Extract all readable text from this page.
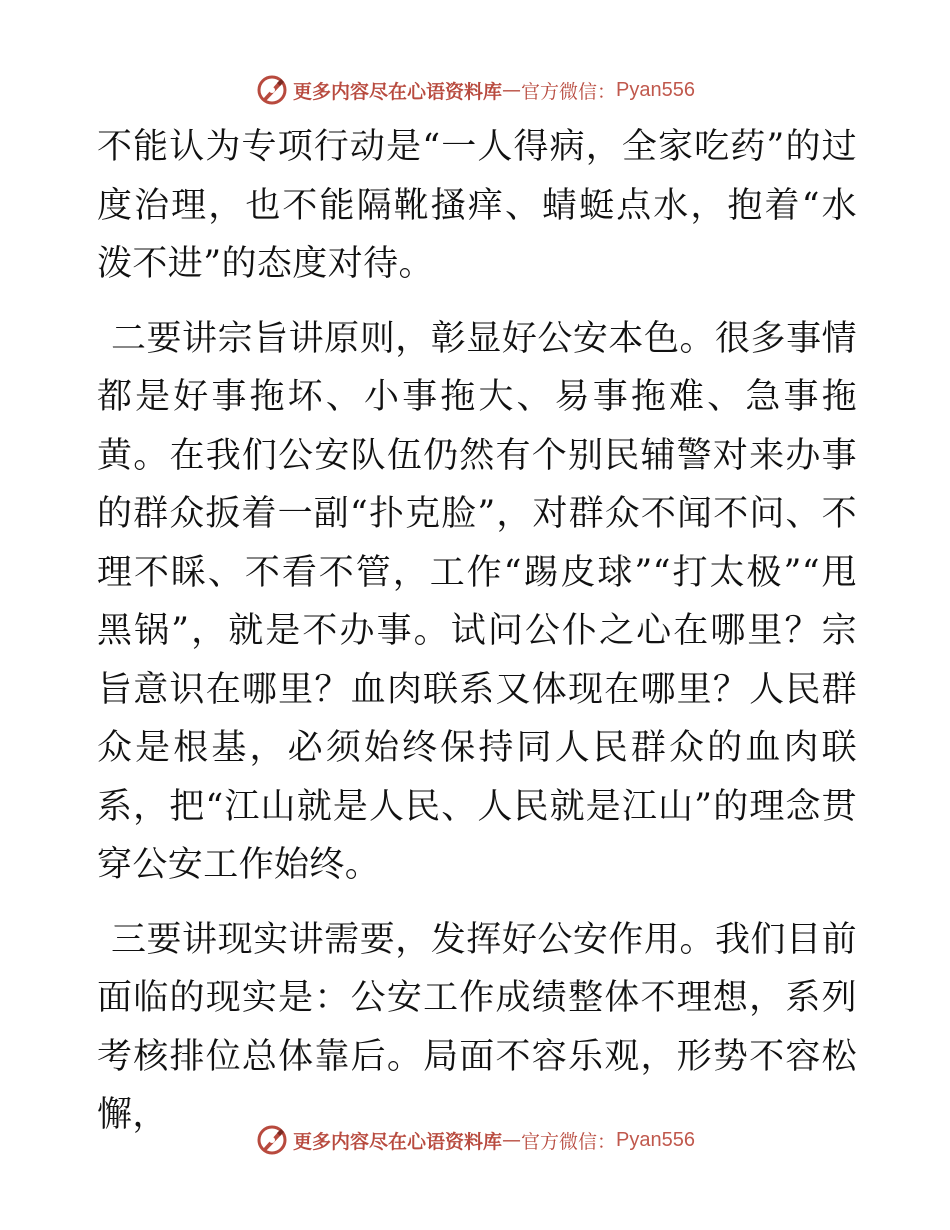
更多内容尽在心语资料库 — 官方微信： Pyan556

不能认为专项行动是“一人得病，全家吃药”的过度治理，也不能隔靴搔痒、蜻蜓点水，抱着“水泼不进”的态度对待。

二要讲宗旨讲原则，彰显好公安本色。很多事情都是好事拖坏、小事拖大、易事拖难、急事拖黄。在我们公安队伍仍然有个别民辅警对来办事的群众扳着一副“扑克脸”，对群众不闻不问、不理不睬、不看不管，工作“踢皮球”“打太极”“甩黑锅”，就是不办事。试问公仆之心在哪里？宗旨意识在哪里？血肉联系又体现在哪里？人民群众是根基，必须始终保持同人民群众的血肉联系，把“江山就是人民、人民就是江山”的理念贯穿公安工作始终。

三要讲现实讲需要，发挥好公安作用。我们目前面临的现实是：公安工作成绩整体不理想，系列考核排位总体靠后。局面不容乐观，形势不容松懈，

更多内容尽在心语资料库 — 官方微信： Pyan556
